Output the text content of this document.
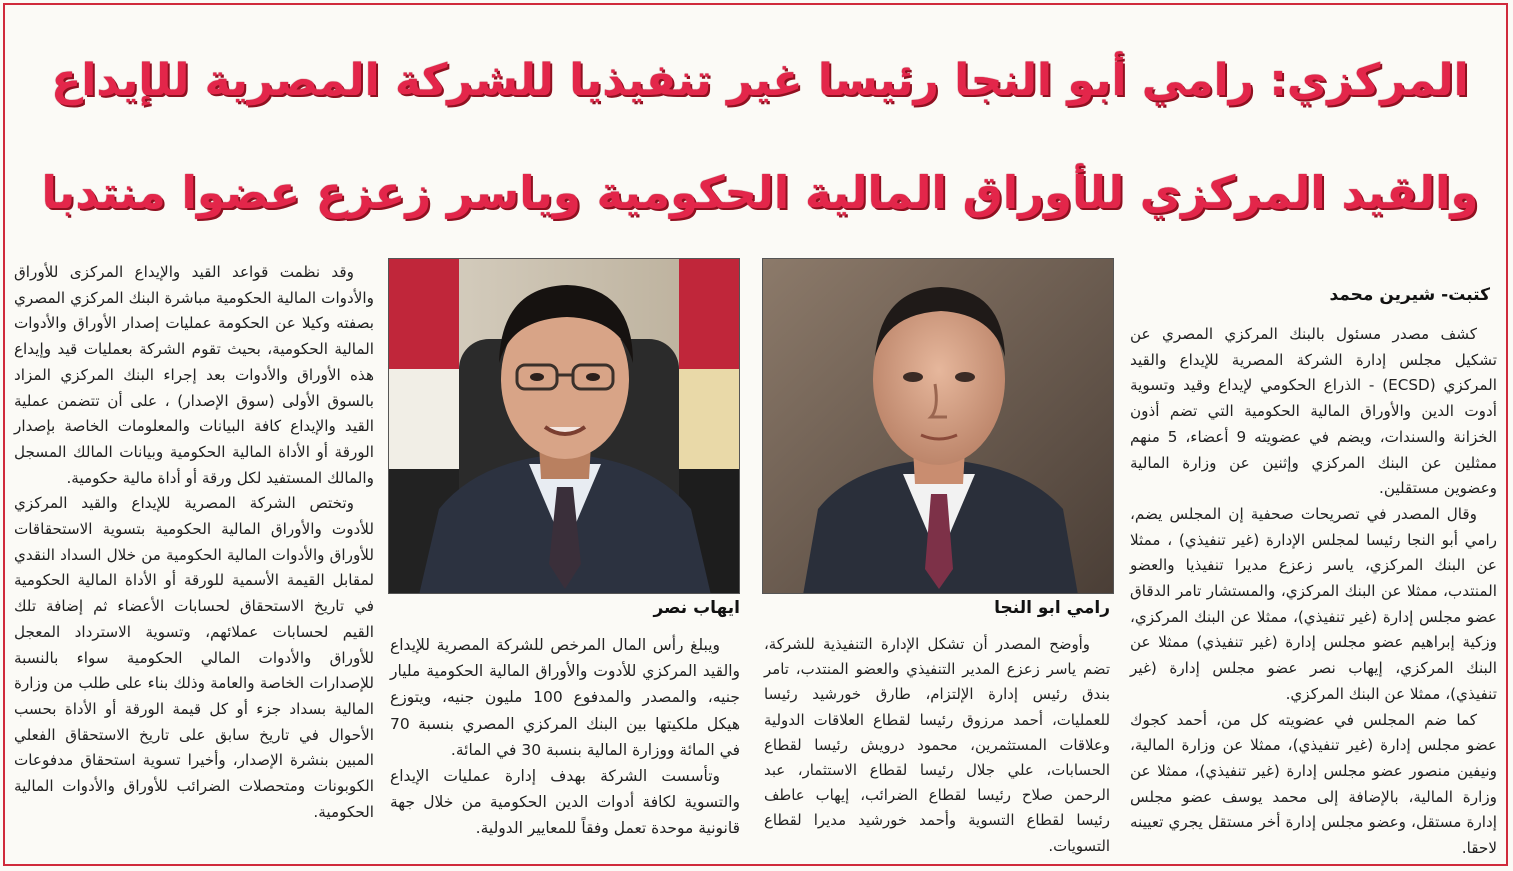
المركزي: رامي أبو النجا رئيسا غير تنفيذيا للشركة المصرية للإيداع
والقيد المركزي للأوراق المالية الحكومية وياسر زعزع عضوا منتدبا
رامي ابو النجا
ايهاب نصر
كتبت- شيرين محمد

كشف مصدر مسئول بالبنك المركزي المصري عن تشكيل مجلس إدارة الشركة المصرية للإيداع والقيد المركزي (ECSD) - الذراع الحكومي لإيداع وقيد وتسوية أدوت الدين والأوراق المالية الحكومية التي تضم أذون الخزانة والسندات، ويضم في عضويته 9 أعضاء، 5 منهم ممثلين عن البنك المركزي وإثنين عن وزارة المالية وعضوين مستقلين.

وقال المصدر في تصريحات صحفية إن المجلس يضم، رامي أبو النجا رئيسا لمجلس الإدارة (غير تنفيذي) ، ممثلا عن البنك المركزي، ياسر زعزع مديرا تنفيذيا والعضو المنتدب، ممثلا عن البنك المركزي، والمستشار تامر الدقاق عضو مجلس إدارة (غير تنفيذي)، ممثلا عن البنك المركزي، وزكية إبراهيم عضو مجلس إدارة (غير تنفيذي) ممثلا عن البنك المركزي، إيهاب نصر عضو مجلس إدارة (غير تنفيذي)، ممثلا عن البنك المركزي.

كما ضم المجلس في عضويته كل من، أحمد كجوك عضو مجلس إدارة (غير تنفيذي)، ممثلا عن وزارة المالية، ونيفين منصور عضو مجلس إدارة (غير تنفيذي)، ممثلا عن وزارة المالية، بالإضافة إلى محمد يوسف عضو مجلس إدارة مستقل، وعضو مجلس إدارة أخر مستقل يجري تعيينه لاحقا.

وأوضح المصدر أن تشكل الإدارة التنفيذية للشركة، تضم ياسر زعزع المدير التنفيذي والعضو المنتدب، تامر بندق رئيس إدارة الإلتزام، طارق خورشيد رئيسا للعمليات، أحمد مرزوق رئيسا لقطاع العلاقات الدولية وعلاقات المستثمرين، محمود درويش رئيسا لقطاع الحسابات، علي جلال رئيسا لقطاع الاستثمار، عبد الرحمن صلاح رئيسا لقطاع الضرائب، إيهاب عاطف رئيسا لقطاع التسوية وأحمد خورشيد مديرا لقطاع التسويات.

ويبلغ رأس المال المرخص للشركة المصرية للإيداع والقيد المركزي للأدوت والأوراق المالية الحكومية مليار جنيه، والمصدر والمدفوع 100 مليون جنيه، ويتوزع هيكل ملكيتها بين البنك المركزي المصري بنسبة 70 في المائة ووزارة المالية بنسبة 30 في المائة.

وتأسست الشركة بهدف إدارة عمليات الإيداع والتسوية لكافة أدوات الدين الحكومية من خلال جهة قانونية موحدة تعمل وفقاً للمعايير الدولية.

وقد نظمت قواعد القيد والإيداع المركزى للأوراق والأدوات المالية الحكومية مباشرة البنك المركزي المصري بصفته وكيلا عن الحكومة عمليات إصدار الأوراق والأدوات المالية الحكومية، بحيث تقوم الشركة بعمليات قيد وإيداع هذه الأوراق والأدوات بعد إجراء البنك المركزي المزاد بالسوق الأولى (سوق الإصدار) ، على أن تتضمن عملية القيد والإيداع كافة البيانات والمعلومات الخاصة بإصدار الورقة أو الأداة المالية الحكومية وبيانات المالك المسجل والمالك المستفيد لكل ورقة أو أداة مالية حكومية.

وتختص الشركة المصرية للإيداع والقيد المركزي للأدوت والأوراق المالية الحكومية بتسوية الاستحقاقات للأوراق والأدوات المالية الحكومية من خلال السداد النقدي لمقابل القيمة الأسمية للورقة أو الأداة المالية الحكومية في تاريخ الاستحقاق لحسابات الأعضاء ثم إضافة تلك القيم لحسابات عملائهم، وتسوية الاسترداد المعجل للأوراق والأدوات المالي الحكومية سواء بالنسبة للإصدارات الخاصة والعامة وذلك بناء على طلب من وزارة المالية بسداد جزء أو كل قيمة الورقة أو الأداة بحسب الأحوال في تاريخ سابق على تاريخ الاستحقاق الفعلي المبين بنشرة الإصدار، وأخيرا تسوية استحقاق مدفوعات الكوبونات ومتحصلات الضرائب للأوراق والأدوات المالية الحكومية.
